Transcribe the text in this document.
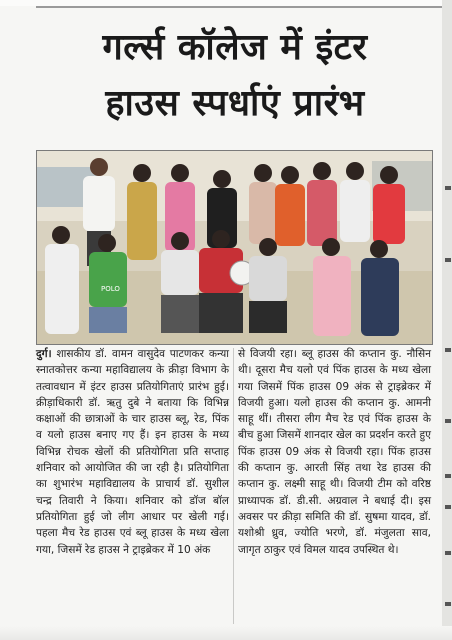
गर्ल्स कॉलेज में इंटर
हाउस स्पर्धाएं प्रारंभ
POLO

दुर्ग। शासकीय डॉ. वामन वासुदेव पाटणकर कन्या स्नातकोत्तर कन्या महाविद्यालय के क्रीड़ा विभाग के तत्वावधान में इंटर हाउस प्रतियोगिताएं प्रारंभ हुई। क्रीड़ाधिकारी डॉ. ऋतु दुबे ने बताया कि विभिन्न कक्षाओं की छात्राओं के चार हाउस ब्लू, रेड, पिंक व यलो हाउस बनाए गए हैं। इन हाउस के मध्य विभिन्न रोचक खेलों की प्रतियोगिता प्रति सप्ताह शनिवार को आयोजित की जा रही है। प्रतियोगिता का शुभारंभ महाविद्यालय के प्राचार्य डॉ. सुशील चन्द्र तिवारी ने किया। शनिवार को डॉज बॉल प्रतियोगिता हुई जो लीग आधार पर खेली गई। पहला मैच रेड हाउस एवं ब्लू हाउस के मध्य खेला गया, जिसमें रेड हाउस ने ट्राइब्रेकर में 10 अंक

से विजयी रहा। ब्लू हाउस की कप्तान कु. नौसिन थी। दूसरा मैच यलो एवं पिंक हाउस के मध्य खेला गया जिसमें पिंक हाउस 09 अंक से ट्राइब्रेकर में विजयी हुआ। यलो हाउस की कप्तान कु. आमनी साहू थीं। तीसरा लीग मैच रेड एवं पिंक हाउस के बीच हुआ जिसमें शानदार खेल का प्रदर्शन करते हुए पिंक हाउस 09 अंक से विजयी रहा। पिंक हाउस की कप्तान कु. आरती सिंह तथा रेड हाउस की कप्तान कु. लक्ष्मी साहू थी। विजयी टीम को वरिष्ठ प्राध्यापक डॉ. डी.सी. अग्रवाल ने बधाई दी। इस अवसर पर क्रीड़ा समिति की डॉ. सुषमा यादव, डॉ. यशोश्री ध्रुव, ज्योति भरणे, डॉ. मंजुलता साव, जागृत ठाकुर एवं विमल यादव उपस्थित थे।
